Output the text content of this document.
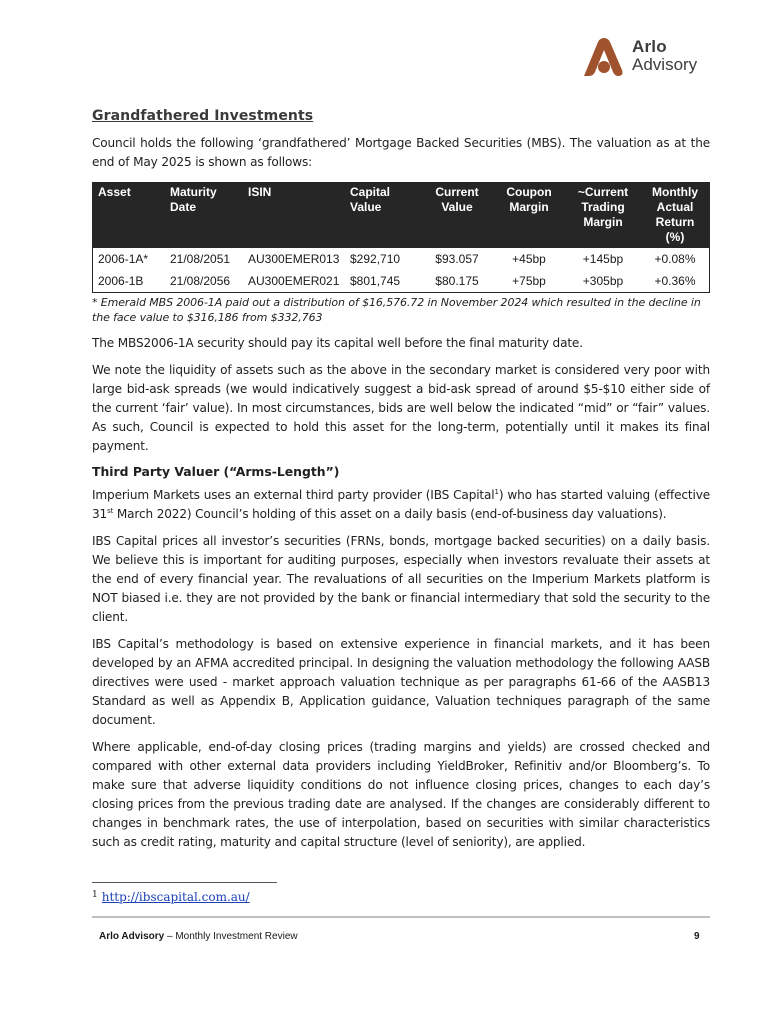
Arlo
Advisory
Grandfathered Investments

Council holds the following ‘grandfathered’ Mortgage Backed Securities (MBS). The valuation as at the end of May 2025 is shown as follows:

Asset	Maturity Date	ISIN	Capital Value	Current Value	Coupon Margin	~Current Trading Margin	Monthly Actual Return (%)
2006-1A*	21/08/2051	AU300EMER013	$292,710	$93.057	+45bp	+145bp	+0.08%
2006-1B	21/08/2056	AU300EMER021	$801,745	$80.175	+75bp	+305bp	+0.36%
* Emerald MBS 2006-1A paid out a distribution of $16,576.72 in November 2024 which resulted in the decline in the face value to $316,186 from $332,763

The MBS2006-1A security should pay its capital well before the final maturity date.

We note the liquidity of assets such as the above in the secondary market is considered very poor with large bid-ask spreads (we would indicatively suggest a bid-ask spread of around $5-$10 either side of the current ‘fair’ value). In most circumstances, bids are well below the indicated “mid” or “fair” values. As such, Council is expected to hold this asset for the long-term, potentially until it makes its final payment.

Third Party Valuer (“Arms-Length”)

Imperium Markets uses an external third party provider (IBS Capital$^1$) who has started valuing (effective 31st March 2022) Council’s holding of this asset on a daily basis (end-of-business day valuations).

IBS Capital prices all investor’s securities (FRNs, bonds, mortgage backed securities) on a daily basis. We believe this is important for auditing purposes, especially when investors revaluate their assets at the end of every financial year. The revaluations of all securities on the Imperium Markets platform is NOT biased i.e. they are not provided by the bank or financial intermediary that sold the security to the client.

IBS Capital’s methodology is based on extensive experience in financial markets, and it has been developed by an AFMA accredited principal. In designing the valuation methodology the following AASB directives were used - market approach valuation technique as per paragraphs 61-66 of the AASB13 Standard as well as Appendix B, Application guidance, Valuation techniques paragraph of the same document.

Where applicable, end-of-day closing prices (trading margins and yields) are crossed checked and compared with other external data providers including YieldBroker, Refinitiv and/or Bloomberg’s. To make sure that adverse liquidity conditions do not influence closing prices, changes to each day’s closing prices from the previous trading date are analysed. If the changes are considerably different to changes in benchmark rates, the use of interpolation, based on securities with similar characteristics such as credit rating, maturity and capital structure (level of seniority), are applied.

$^1$ http://ibscapital.com.au/
Arlo Advisory – Monthly Investment Review	9
